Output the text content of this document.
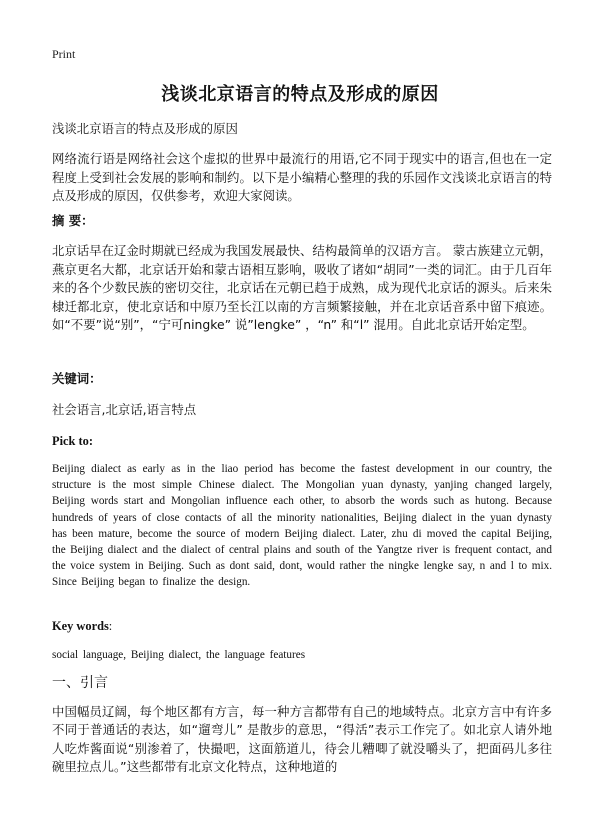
Print
浅谈北京语言的特点及形成的原因
浅谈北京语言的特点及形成的原因
网络流行语是网络社会这个虚拟的世界中最流行的用语,它不同于现实中的语言,但也在一定程度上受到社会发展的影响和制约。以下是小编精心整理的我的乐园作文浅谈北京语言的特点及形成的原因，仅供参考，欢迎大家阅读。
摘 要：
北京话早在辽金时期就已经成为我国发展最快、结构最简单的汉语方言。 蒙古族建立元朝，燕京更名大都，北京话开始和蒙古语相互影响，吸收了诸如“胡同”一类的词汇。由于几百年来的各个少数民族的密切交往，北京话在元朝已趋于成熟，成为现代北京话的源头。后来朱棣迁都北京，使北京话和中原乃至长江以南的方言频繁接触，并在北京话音系中留下痕迹。如“不要”说“别”，“宁可ningke” 说”lengke” ，“n” 和“l” 混用。自此北京话开始定型。
关键词：
社会语言,北京话,语言特点
Pick to:
Beijing dialect as early as in the liao period has become the fastest development in our country, the structure is the most simple Chinese dialect. The Mongolian yuan dynasty, yanjing changed largely, Beijing words start and Mongolian influence each other, to absorb the words such as hutong. Because hundreds of years of close contacts of all the minority nationalities, Beijing dialect in the yuan dynasty has been mature, become the source of modern Beijing dialect. Later, zhu di moved the capital Beijing, the Beijing dialect and the dialect of central plains and south of the Yangtze river is frequent contact, and the voice system in Beijing. Such as dont said, dont, would rather the ningke lengke say, n and l to mix. Since Beijing began to finalize the design.
Key words:
social language, Beijing dialect, the language features
一、引言
中国幅员辽阔，每个地区都有方言，每一种方言都带有自己的地域特点。北京方言中有许多不同于普通话的表达，如“遛弯儿” 是散步的意思，“得活”表示工作完了。如北京人请外地人吃炸酱面说“别渗着了，快撮吧，这面筋道儿，待会儿糟唧了就没嚼头了，把面码儿多往碗里拉点儿。”这些都带有北京文化特点，这种地道的
